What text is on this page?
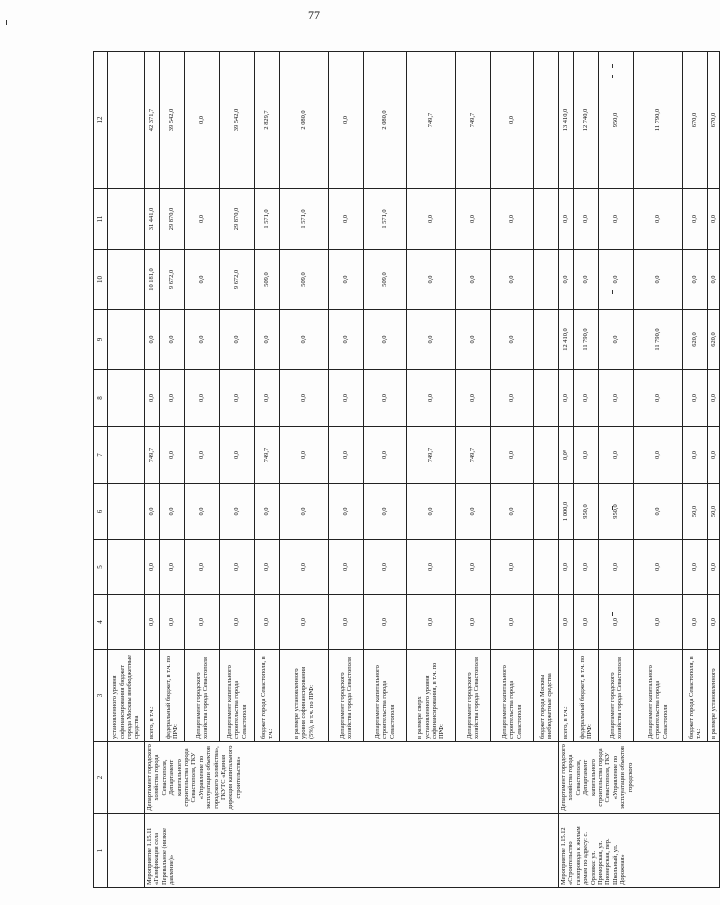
77
1	2	3	4	5	6	7	8	9	10	11	12
		установленного уровня софинансирования бюджет города Москвы внебюджетные средства									
Мероприятие 1.15.11 «Газификация села Перевальное (низкое давление)»	Департамент городского хозяйства города Севастополя, Департамент капитального строительства города Севастополя, ГКУ «Управление по эксплуатации объектов городского хозяйства», ГКУТС «Единая дирекция капитального строительства»	всего, в т.ч.:	0,0	0,0	0,0	749,7	0,0	0,0	10 181,0	31 441,0	42 371,7
		федеральный бюджет, в т.ч. по ПРФ:	0,0	0,0	0,0	0,0	0,0	0,0	9 672,0	29 870,0	39 542,0
		Департамент городского хозяйства города Севастополя	0,0	0,0	0,0	0,0	0,0	0,0	0,0	0,0	0,0
		Департамент капитального строительства города Севастополя	0,0	0,0	0,0	0,0	0,0	0,0	9 672,0	29 870,0	39 542,0
		бюджет города Севастополя, в т.ч.:	0,0	0,0	0,0	749,7	0,0	0,0	509,0	1 571,0	2 829,7
		в размере установленного уровня софинансирования (5%), в т.ч. по ПРФ:	0,0	0,0	0,0	0,0	0,0	0,0	509,0	1 571,0	2 080,0
		Департамент городского хозяйства города Севастополя	0,0	0,0	0,0	0,0	0,0	0,0	0,0	0,0	0,0
		Департамент капитального строительства города Севастополя	0,0	0,0	0,0	0,0	0,0	0,0	509,0	1 571,0	2 080,0
		в размере сверх установленного уровня софинансирования, в т.ч. по ПРФ:	0,0	0,0	0,0	749,7	0,0	0,0	0,0	0,0	749,7
		Департамент городского хозяйства города Севастополя	0,0	0,0	0,0	749,7	0,0	0,0	0,0	0,0	749,7
		Департамент капитального строительства города Севастополя	0,0	0,0	0,0	0,0	0,0	0,0	0,0	0,0	0,0
		бюджет города Москвы внебюджетные средства									
Мероприятие 1.15.12 «Строительство газопровода к жилым домам по адресу: с. Орловка: ул. Приморская, ул. Пионерская, пер. Школьный, ул. Дорожная»	Департамент городского хозяйства города Севастополя, Департамент капитального строительства города Севастополя, ГКУ «Управление по эксплуатации объектов городского	всего, в т.ч.:	0,0	0,0	1 000,0	0,0⁸	0,0	12 410,0	0,0	0,0	13 410,0
		федеральный бюджет, в т.ч. по ПРФ:	0,0	0,0	950,0	0,0	0,0	11 790,0	0,0	0,0	12 740,0
		Департамент городского хозяйства города Севастополя	0,0	0,0	950,0	0,0	0,0	0,0	0,0	0,0	950,0
		Департамент капитального строительства города Севастополя	0,0	0,0	0,0	0,0	0,0	11 790,0	0,0	0,0	11 790,0
		бюджет города Севастополя, в т.ч.:	0,0	0,0	50,0	0,0	0,0	620,0	0,0	0,0	670,0
		в размере установленного	0,0	0,0	50,0	0,0	0,0	620,0	0,0	0,0	670,0
